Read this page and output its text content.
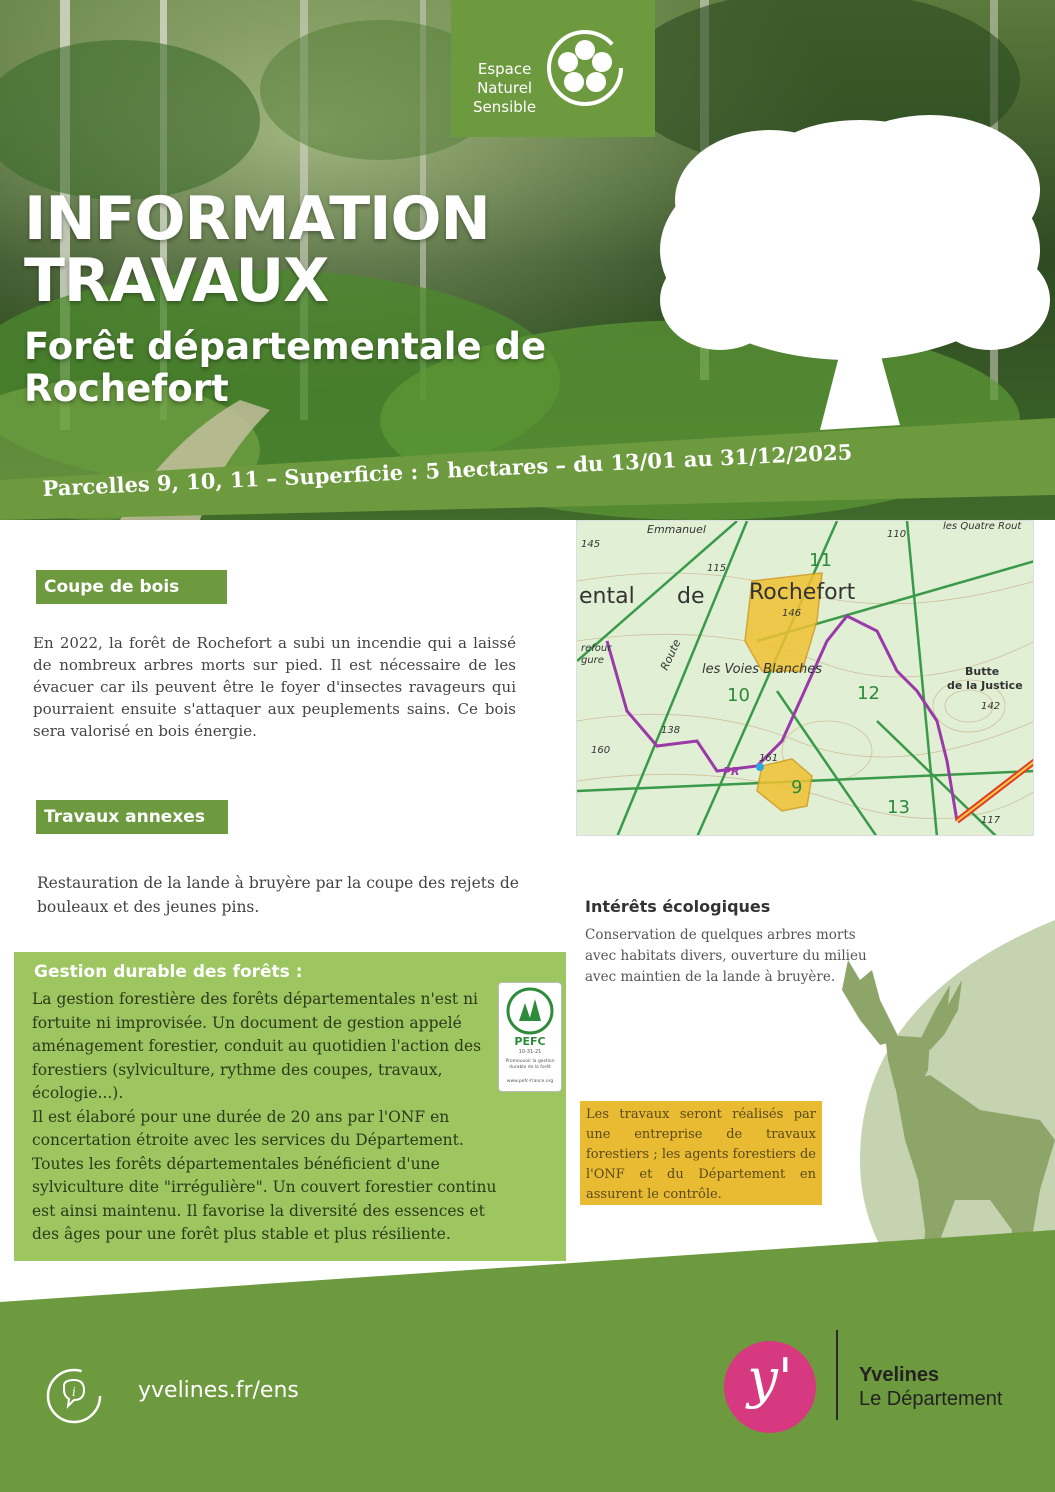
Espace
Naturel
Sensible
INFORMATION
TRAVAUX
Forêt départementale de
Rochefort
Parcelles 9, 10, 11 – Superficie : 5 hectares – du 13/01 au 31/12/2025
Coupe de bois
En 2022, la forêt de Rochefort a subi un incendie qui a laissé de nombreux arbres morts sur pied. Il est nécessaire de les évacuer car ils peuvent être le foyer d'insectes ravageurs qui pourraient ensuite s'attaquer aux peuplements sains. Ce bois sera valorisé en bois énergie.
Travaux annexes
Restauration de la lande à bruyère par la coupe des rejets de bouleaux et des jeunes pins.
Emmanuel	les Quatre Rout
145
115
110
ental de Rochefort
146
11
refour
gure	Route les Voies Blanches
10	12
Butte
de la Justice
142
138
160
161
PR
9
13
117
Intérêts écologiques
Conservation de quelques arbres morts avec habitats divers, ouverture du milieu avec maintien de la lande à bruyère.
Gestion durable des forêts :
La gestion forestière des forêts départementales n'est ni fortuite ni improvisée. Un document de gestion appelé aménagement forestier, conduit au quotidien l'action des forestiers (sylviculture, rythme des coupes, travaux, écologie...).
Il est élaboré pour une durée de 20 ans par l'ONF en concertation étroite avec les services du Département. Toutes les forêts départementales bénéficient d'une sylviculture dite "irrégulière". Un couvert forestier continu est ainsi maintenu. Il favorise la diversité des essences et des âges pour une forêt plus stable et plus résiliente.
PEFC
10-31-21
Promouvoir la gestion
durable de la forêt
www.pefc-france.org
Les travaux seront réalisés par une entreprise de travaux forestiers ; les agents forestiers de l'ONF et du Département en assurent le contrôle.
i	yvelines.fr/ens	y'	Yvelines
Le Département
